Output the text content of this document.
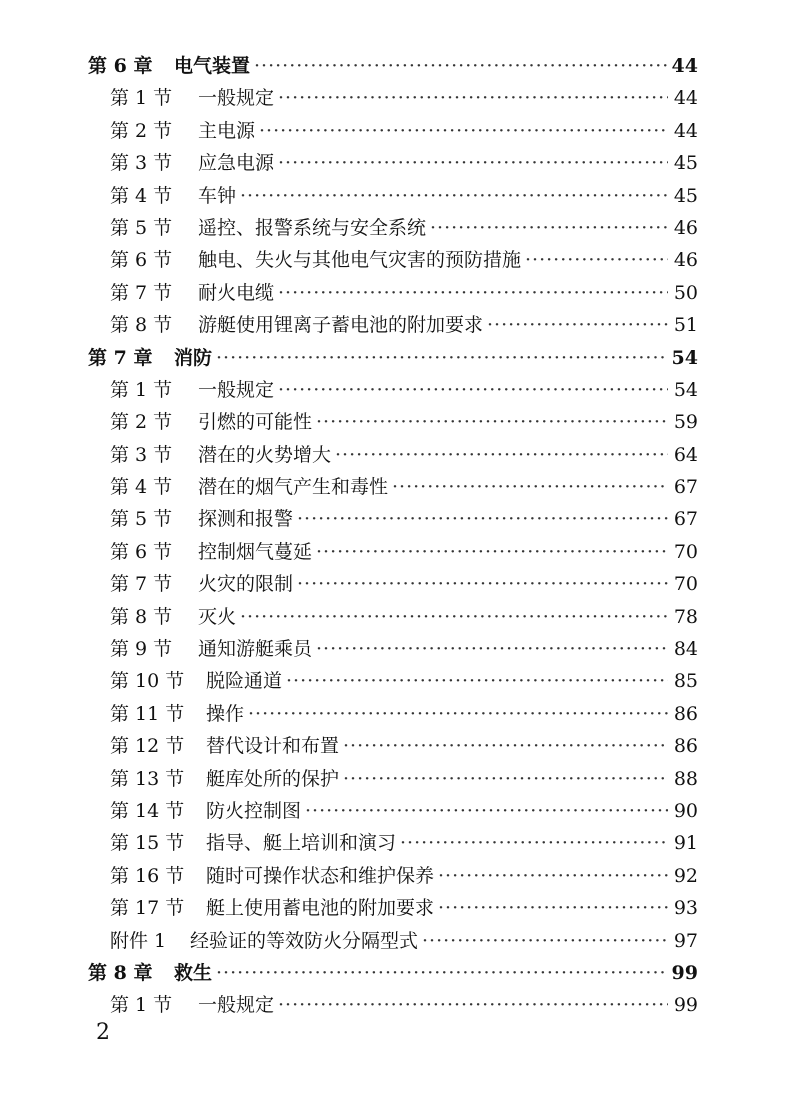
第 6 章	电气装置 ·····	44
第 1 节	一般规定 ·····	44
第 2 节	主电源 ·····	44
第 3 节	应急电源 ·····	45
第 4 节	车钟 ·····	45
第 5 节	遥控、报警系统与安全系统 ·····	46
第 6 节	触电、失火与其他电气灾害的预防措施 ·····	46
第 7 节	耐火电缆 ·····	50
第 8 节	游艇使用锂离子蓄电池的附加要求 ·····	51
第 7 章	消防 ·····	54
第 1 节	一般规定 ·····	54
第 2 节	引燃的可能性 ·····	59
第 3 节	潜在的火势增大 ·····	64
第 4 节	潜在的烟气产生和毒性 ·····	67
第 5 节	探测和报警 ·····	67
第 6 节	控制烟气蔓延 ·····	70
第 7 节	火灾的限制 ·····	70
第 8 节	灭火 ·····	78
第 9 节	通知游艇乘员 ·····	84
第 10 节	脱险通道 ·····	85
第 11 节	操作 ·····	86
第 12 节	替代设计和布置 ·····	86
第 13 节	艇库处所的保护 ·····	88
第 14 节	防火控制图 ·····	90
第 15 节	指导、艇上培训和演习 ·····	91
第 16 节	随时可操作状态和维护保养 ·····	92
第 17 节	艇上使用蓄电池的附加要求 ·····	93
附件 1	经验证的等效防火分隔型式 ·····	97
第 8 章	救生 ·····	99
第 1 节	一般规定 ·····	99
2
